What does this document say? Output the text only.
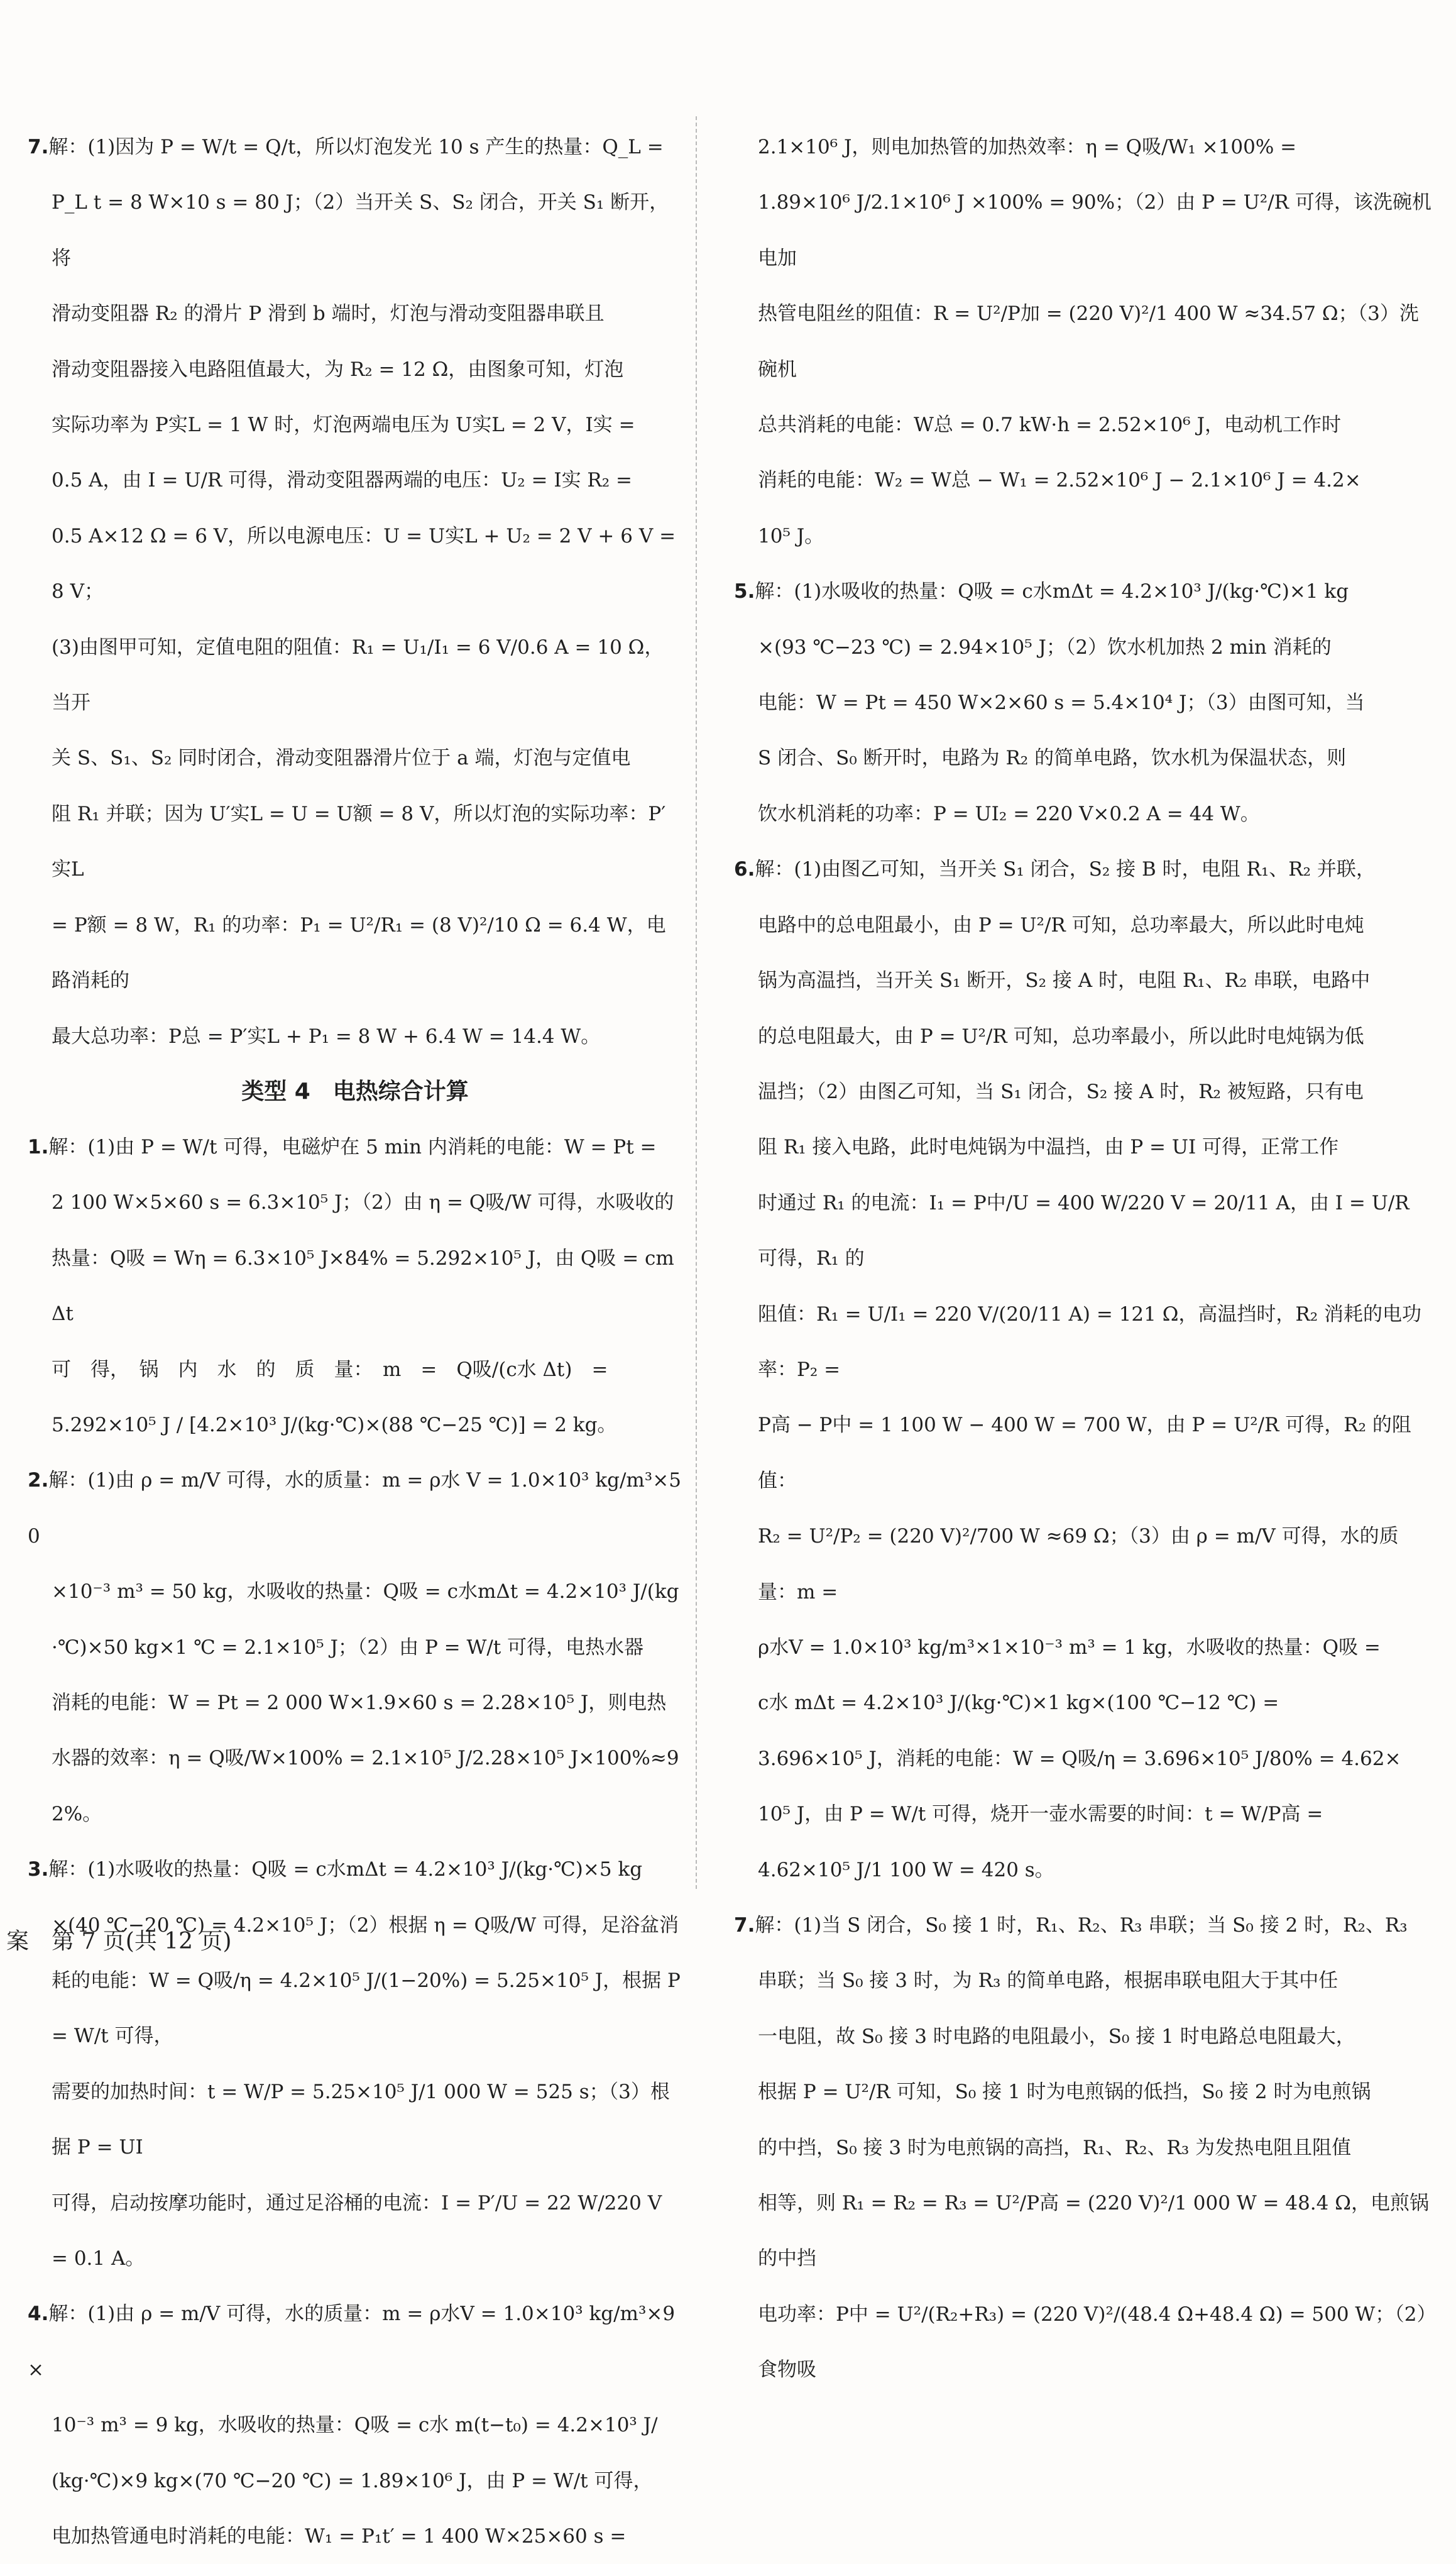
7.解：(1)因为 P = W/t = Q/t，所以灯泡发光 10 s 产生的热量：Q_L =

P_L t = 8 W×10 s = 80 J；（2）当开关 S、S₂ 闭合，开关 S₁ 断开，将

滑动变阻器 R₂ 的滑片 P 滑到 b 端时，灯泡与滑动变阻器串联且

滑动变阻器接入电路阻值最大，为 R₂ = 12 Ω，由图象可知，灯泡

实际功率为 P实L = 1 W 时，灯泡两端电压为 U实L = 2 V，I实 =

0.5 A，由 I = U/R 可得，滑动变阻器两端的电压：U₂ = I实 R₂ =

0.5 A×12 Ω = 6 V，所以电源电压：U = U实L + U₂ = 2 V + 6 V = 8 V；

(3)由图甲可知，定值电阻的阻值：R₁ = U₁/I₁ = 6 V/0.6 A = 10 Ω，当开

关 S、S₁、S₂ 同时闭合，滑动变阻器滑片位于 a 端，灯泡与定值电

阻 R₁ 并联；因为 U′实L = U = U额 = 8 V，所以灯泡的实际功率：P′实L

= P额 = 8 W，R₁ 的功率：P₁ = U²/R₁ = (8 V)²/10 Ω = 6.4 W，电路消耗的

最大总功率：P总 = P′实L + P₁ = 8 W + 6.4 W = 14.4 W。

类型 4　电热综合计算

1.解：(1)由 P = W/t 可得，电磁炉在 5 min 内消耗的电能：W = Pt =

2 100 W×5×60 s = 6.3×10⁵ J；（2）由 η = Q吸/W 可得，水吸收的

热量：Q吸 = Wη = 6.3×10⁵ J×84% = 5.292×10⁵ J，由 Q吸 = cmΔt

可　得，　锅　内　水　的　质　量：　m　=　Q吸/(c水 Δt)　=

5.292×10⁵ J / [4.2×10³ J/(kg·℃)×(88 ℃−25 ℃)] = 2 kg。

2.解：(1)由 ρ = m/V 可得，水的质量：m = ρ水 V = 1.0×10³ kg/m³×50

×10⁻³ m³ = 50 kg，水吸收的热量：Q吸 = c水mΔt = 4.2×10³ J/(kg

·℃)×50 kg×1 ℃ = 2.1×10⁵ J；（2）由 P = W/t 可得，电热水器

消耗的电能：W = Pt = 2 000 W×1.9×60 s = 2.28×10⁵ J，则电热

水器的效率：η = Q吸/W×100% = 2.1×10⁵ J/2.28×10⁵ J×100%≈92%。

3.解：(1)水吸收的热量：Q吸 = c水mΔt = 4.2×10³ J/(kg·℃)×5 kg

×(40 ℃−20 ℃) = 4.2×10⁵ J；（2）根据 η = Q吸/W 可得，足浴盆消

耗的电能：W = Q吸/η = 4.2×10⁵ J/(1−20%) = 5.25×10⁵ J，根据 P = W/t 可得，

需要的加热时间：t = W/P = 5.25×10⁵ J/1 000 W = 525 s；（3）根据 P = UI

可得，启动按摩功能时，通过足浴桶的电流：I = P′/U = 22 W/220 V = 0.1 A。

4.解：(1)由 ρ = m/V 可得，水的质量：m = ρ水V = 1.0×10³ kg/m³×9×

10⁻³ m³ = 9 kg，水吸收的热量：Q吸 = c水 m(t−t₀) = 4.2×10³ J/

(kg·℃)×9 kg×(70 ℃−20 ℃) = 1.89×10⁶ J，由 P = W/t 可得，

电加热管通电时消耗的电能：W₁ = P₁t′ = 1 400 W×25×60 s =

2.1×10⁶ J，则电加热管的加热效率：η = Q吸/W₁ ×100% =

1.89×10⁶ J/2.1×10⁶ J ×100% = 90%；（2）由 P = U²/R 可得，该洗碗机电加

热管电阻丝的阻值：R = U²/P加 = (220 V)²/1 400 W ≈34.57 Ω；（3）洗碗机

总共消耗的电能：W总 = 0.7 kW·h = 2.52×10⁶ J，电动机工作时

消耗的电能：W₂ = W总 − W₁ = 2.52×10⁶ J − 2.1×10⁶ J = 4.2×

10⁵ J。

5.解：(1)水吸收的热量：Q吸 = c水mΔt = 4.2×10³ J/(kg·℃)×1 kg

×(93 ℃−23 ℃) = 2.94×10⁵ J；（2）饮水机加热 2 min 消耗的

电能：W = Pt = 450 W×2×60 s = 5.4×10⁴ J；（3）由图可知，当

S 闭合、S₀ 断开时，电路为 R₂ 的简单电路，饮水机为保温状态，则

饮水机消耗的功率：P = UI₂ = 220 V×0.2 A = 44 W。

6.解：(1)由图乙可知，当开关 S₁ 闭合，S₂ 接 B 时，电阻 R₁、R₂ 并联，

电路中的总电阻最小，由 P = U²/R 可知，总功率最大，所以此时电炖

锅为高温挡，当开关 S₁ 断开，S₂ 接 A 时，电阻 R₁、R₂ 串联，电路中

的总电阻最大，由 P = U²/R 可知，总功率最小，所以此时电炖锅为低

温挡；（2）由图乙可知，当 S₁ 闭合，S₂ 接 A 时，R₂ 被短路，只有电

阻 R₁ 接入电路，此时电炖锅为中温挡，由 P = UI 可得，正常工作

时通过 R₁ 的电流：I₁ = P中/U = 400 W/220 V = 20/11 A，由 I = U/R 可得，R₁ 的

阻值：R₁ = U/I₁ = 220 V/(20/11 A) = 121 Ω，高温挡时，R₂ 消耗的电功率：P₂ =

P高 − P中 = 1 100 W − 400 W = 700 W，由 P = U²/R 可得，R₂ 的阻值：

R₂ = U²/P₂ = (220 V)²/700 W ≈69 Ω；（3）由 ρ = m/V 可得，水的质量：m =

ρ水V = 1.0×10³ kg/m³×1×10⁻³ m³ = 1 kg，水吸收的热量：Q吸 =

c水 mΔt = 4.2×10³ J/(kg·℃)×1 kg×(100 ℃−12 ℃) =

3.696×10⁵ J，消耗的电能：W = Q吸/η = 3.696×10⁵ J/80% = 4.62×

10⁵ J，由 P = W/t 可得，烧开一壶水需要的时间：t = W/P高 =

4.62×10⁵ J/1 100 W = 420 s。

7.解：(1)当 S 闭合，S₀ 接 1 时，R₁、R₂、R₃ 串联；当 S₀ 接 2 时，R₂、R₃

串联；当 S₀ 接 3 时，为 R₃ 的简单电路，根据串联电阻大于其中任

一电阻，故 S₀ 接 3 时电路的电阻最小，S₀ 接 1 时电路总电阻最大，

根据 P = U²/R 可知，S₀ 接 1 时为电煎锅的低挡，S₀ 接 2 时为电煎锅

的中挡，S₀ 接 3 时为电煎锅的高挡，R₁、R₂、R₃ 为发热电阻且阻值

相等，则 R₁ = R₂ = R₃ = U²/P高 = (220 V)²/1 000 W = 48.4 Ω，电煎锅的中挡

电功率：P中 = U²/(R₂+R₃) = (220 V)²/(48.4 Ω+48.4 Ω) = 500 W；（2）食物吸

案　第 7 页(共 12 页)
